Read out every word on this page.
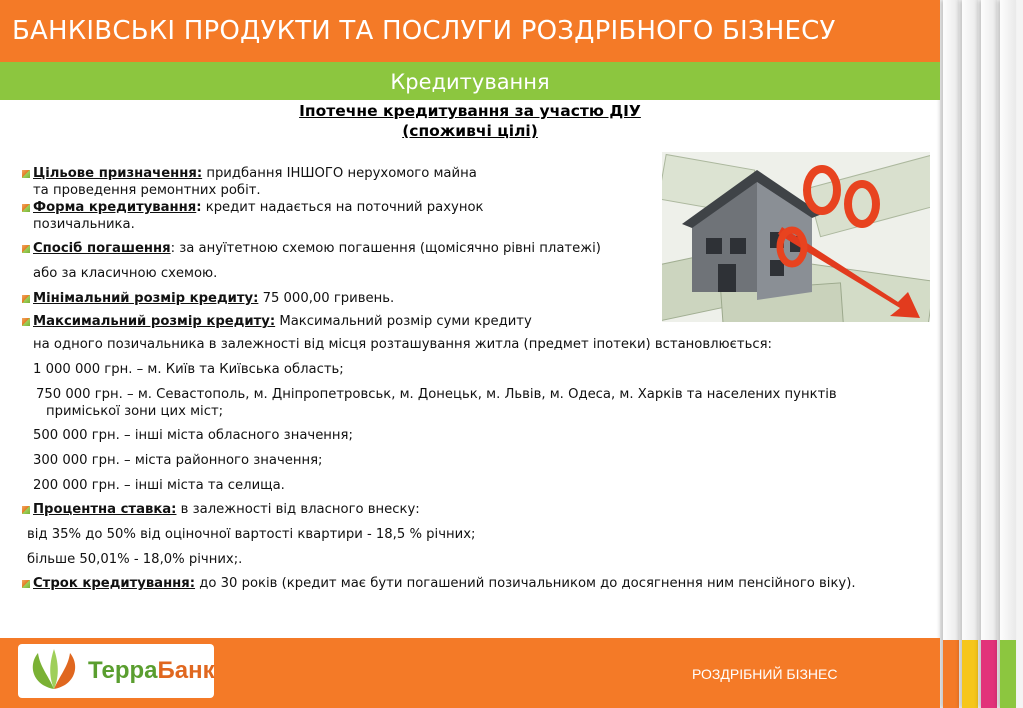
БАНКІВСЬКІ ПРОДУКТИ ТА ПОСЛУГИ РОЗДРІБНОГО БІЗНЕСУ
Кредитування
Іпотечне кредитування за участю ДІУ
(споживчі цілі)

Цільове призначення: придбання ІНШОГО нерухомого майна

та проведення ремонтних робіт.

Форма кредитування: кредит надається на поточний рахунок

позичальника.

Спосіб погашення: за ануїтетною схемою погашення (щомісячно рівні платежі)

або за класичною схемою.

Мінімальний розмір кредиту: 75 000,00 гривень.

Максимальний розмір кредиту: Максимальний розмір суми кредиту

на одного позичальника в залежності від місця розташування житла (предмет іпотеки) встановлюється:

1 000 000 грн. – м. Київ та Київська область;

750 000 грн. – м. Севастополь, м. Дніпропетровськ, м. Донецьк, м. Львів, м. Одеса, м. Харків та населених пунктів приміської зони цих міст;

500 000 грн. – інші міста обласного значення;

300 000 грн. – міста районного значення;

200 000 грн. – інші міста та селища.

Процентна ставка: в залежності від власного внеску:

від 35% до 50% від оціночної вартості квартири - 18,5 % річних;

більше 50,01% - 18,0% річних;.

Строк кредитування: до 30 років (кредит має бути погашений позичальником до досягнення ним пенсійного віку).

ТерраБанк	РОЗДРІБНИЙ БІЗНЕС
